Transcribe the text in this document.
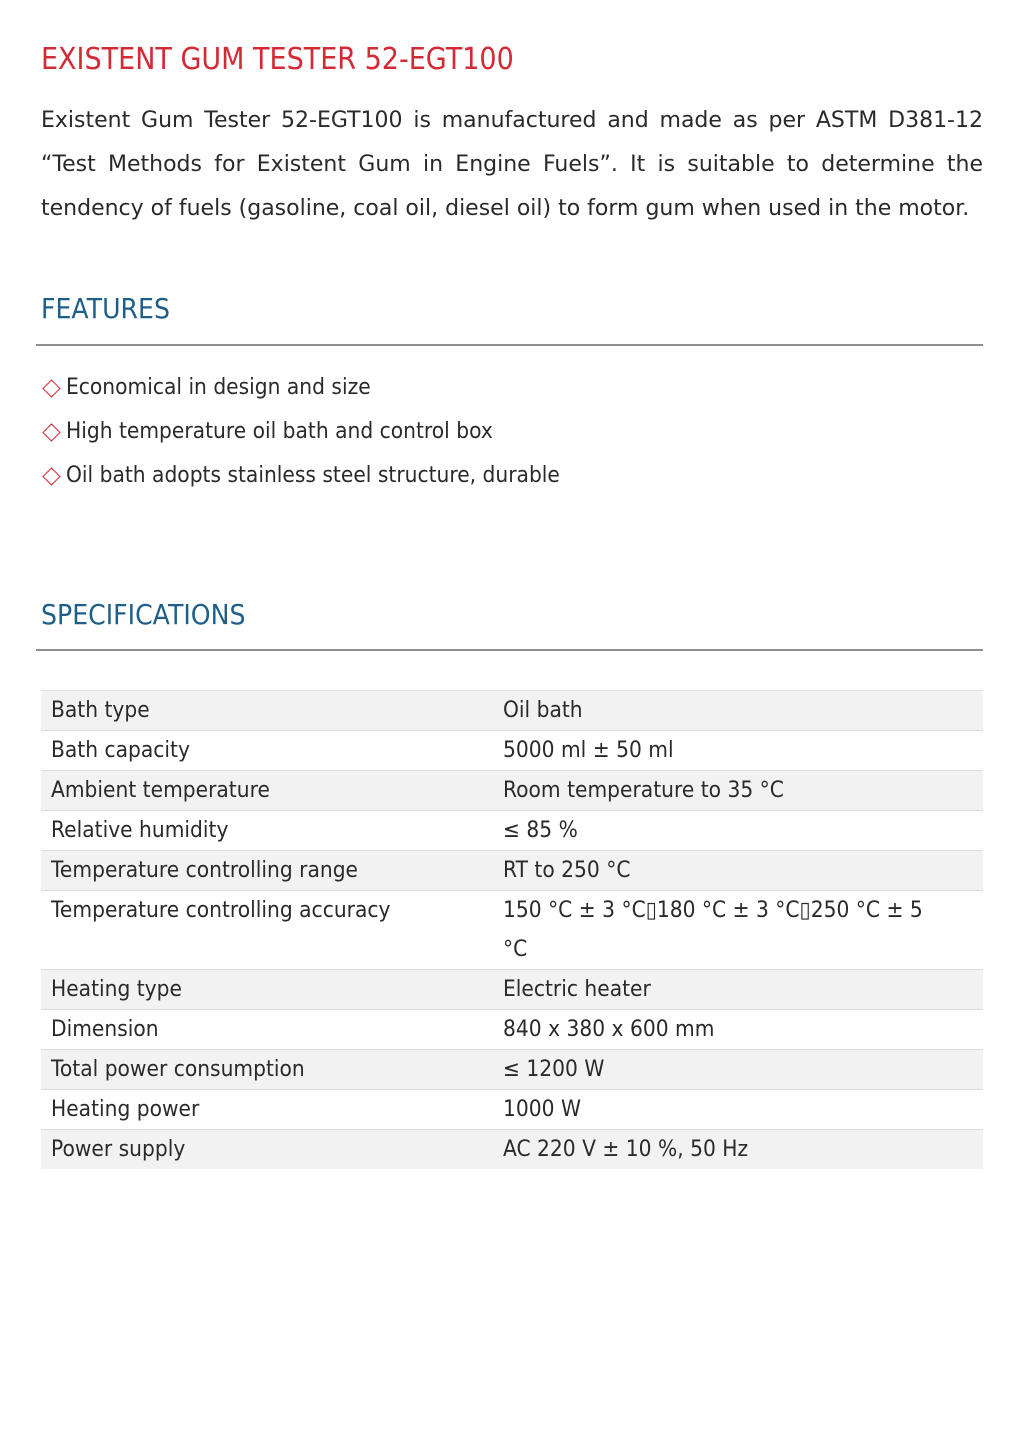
EXISTENT GUM TESTER 52-EGT100

Existent Gum Tester 52-EGT100 is manufactured and made as per ASTM D381-12 “Test Methods for Existent Gum in Engine Fuels”. It is suitable to determine the tendency of fuels (gasoline, coal oil, diesel oil) to form gum when used in the motor.

FEATURES
Economical in design and size
High temperature oil bath and control box
Oil bath adopts stainless steel structure, durable
SPECIFICATIONS
Bath type	Oil bath
Bath capacity	5000 ml ± 50 ml
Ambient temperature	Room temperature to 35 °C
Relative humidity	≤ 85 %
Temperature controlling range	RT to 250 °C
Temperature controlling accuracy	150 °C ± 3 °C▯180 °C ± 3 °C▯250 °C ± 5 °C

Heating type	Electric heater
Dimension	840 x 380 x 600 mm
Total power consumption	≤ 1200 W
Heating power	1000 W
Power supply	AC 220 V ± 10 %, 50 Hz
